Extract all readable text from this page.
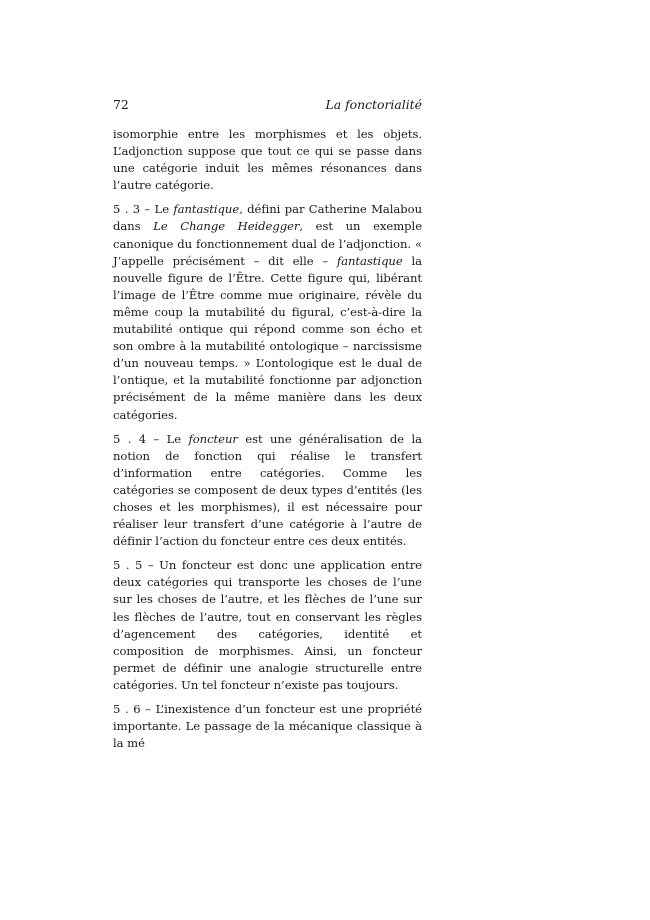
72	La fonctorialité

isomorphie entre les morphismes et les objets. L’adjonction suppose que tout ce qui se passe dans une catégorie induit les mêmes résonances dans l’autre catégorie.

5 . 3 – Le fantastique, défini par Catherine Malabou dans Le Change Heidegger, est un exemple canonique du fonctionnement dual de l’adjonction. « J’appelle précisément – dit elle – fantastique la nouvelle figure de l’Être. Cette figure qui, libérant l’image de l’Être comme mue originaire, révèle du même coup la mutabilité du figural, c’est-à-dire la mutabilité ontique qui répond comme son écho et son ombre à la mutabilité ontologique – narcissisme d’un nouveau temps. » L’ontologique est le dual de l’ontique, et la mutabilité fonctionne par adjonction précisément de la même manière dans les deux catégories.

5 . 4 – Le foncteur est une généralisation de la notion de fonction qui réalise le transfert d’information entre catégories. Comme les catégories se composent de deux types d’entités (les choses et les morphismes), il est nécessaire pour réaliser leur transfert d’une catégorie à l’autre de définir l’action du foncteur entre ces deux entités.

5 . 5 – Un foncteur est donc une application entre deux catégories qui transporte les choses de l’une sur les choses de l’autre, et les flèches de l’une sur les flèches de l’autre, tout en conservant les règles d’agencement des catégories, identité et composition de morphismes. Ainsi, un foncteur permet de définir une analogie structurelle entre catégories. Un tel foncteur n’existe pas toujours.

5 . 6 – L’inexistence d’un foncteur est une propriété importante. Le passage de la mécanique classique à la mé
